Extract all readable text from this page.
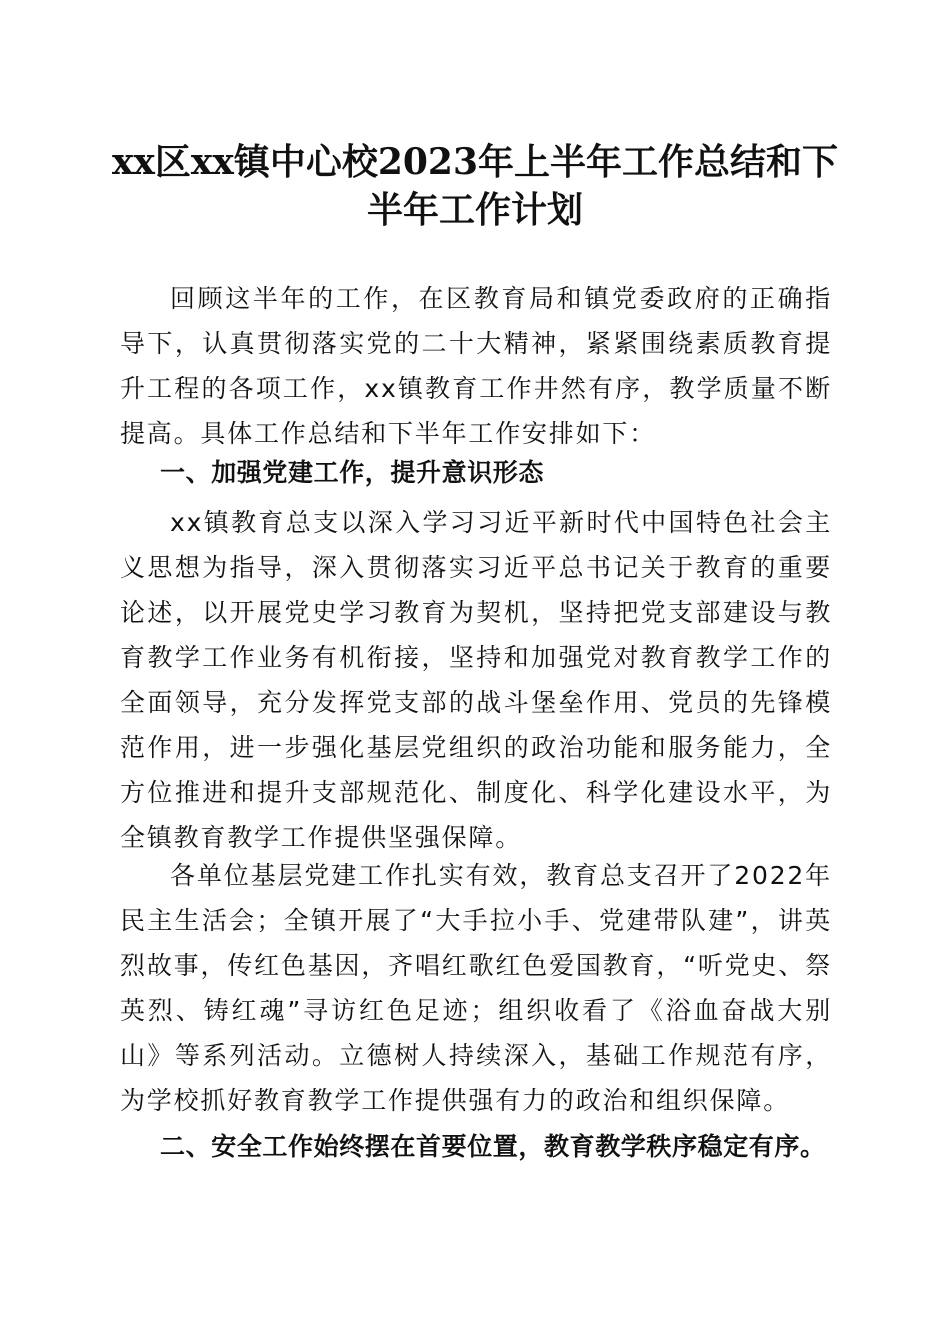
xx区xx镇中心校2023年上半年工作总结和下半年工作计划

回顾这半年的工作，在区教育局和镇党委政府的正确指导下，认真贯彻落实党的二十大精神，紧紧围绕素质教育提升工程的各项工作，xx镇教育工作井然有序，教学质量不断提高。具体工作总结和下半年工作安排如下：

一、加强党建工作，提升意识形态

xx镇教育总支以深入学习习近平新时代中国特色社会主义思想为指导，深入贯彻落实习近平总书记关于教育的重要论述，以开展党史学习教育为契机，坚持把党支部建设与教育教学工作业务有机衔接，坚持和加强党对教育教学工作的全面领导，充分发挥党支部的战斗堡垒作用、党员的先锋模范作用，进一步强化基层党组织的政治功能和服务能力，全方位推进和提升支部规范化、制度化、科学化建设水平，为全镇教育教学工作提供坚强保障。

各单位基层党建工作扎实有效，教育总支召开了2022年民主生活会；全镇开展了“大手拉小手、党建带队建”，讲英烈故事，传红色基因，齐唱红歌红色爱国教育，“听党史、祭英烈、铸红魂”寻访红色足迹；组织收看了《浴血奋战大别山》等系列活动。立德树人持续深入，基础工作规范有序，为学校抓好教育教学工作提供强有力的政治和组织保障。

二、安全工作始终摆在首要位置，教育教学秩序稳定有序。
